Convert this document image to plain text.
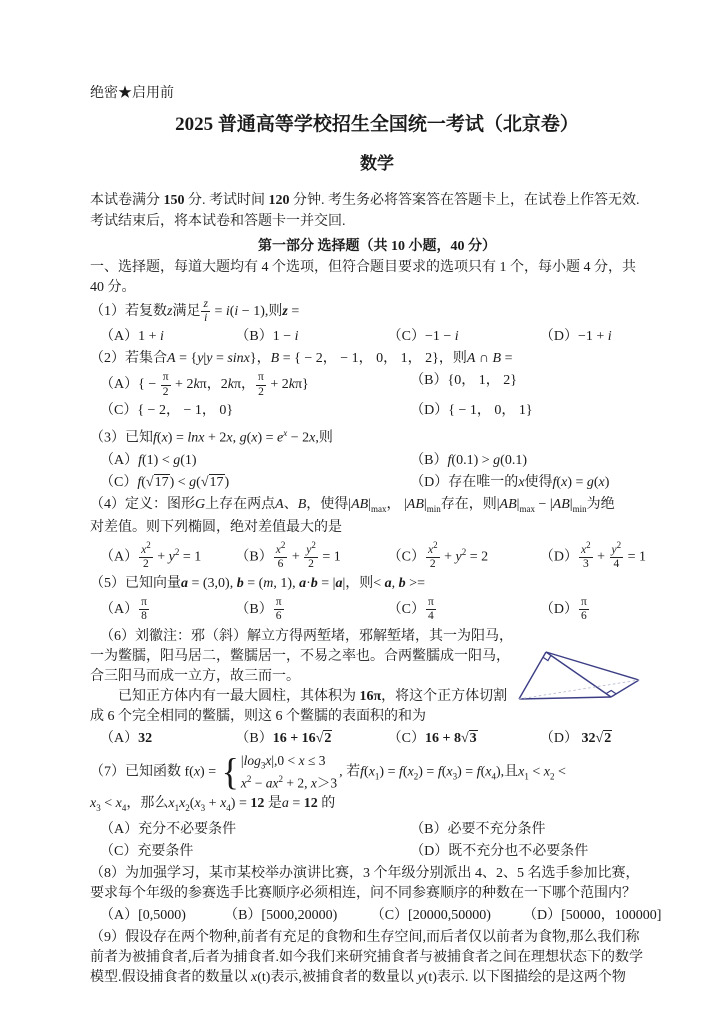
绝密★启用前
2025 普通高等学校招生全国统一考试（北京卷）
数学
本试卷满分 150 分. 考试时间 120 分钟. 考生务必将答案答在答题卡上，在试卷上作答无效.
考试结束后，将本试卷和答题卡一并交回.
第一部分 选择题（共 10 小题，40 分）
一、选择题，每道大题均有 4 个选项，但符合题目要求的选项只有 1 个，每小题 4 分，共
40 分。
（1）若复数z满足 $\frac{z}{i} = i(i - 1)$,则z =
（A）1 + i	（B）1 − i	（C）−1 − i	（D）−1 + i
（2）若集合A = {y|y = sinx}，B = { − 2， − 1， 0， 1， 2}，则A ∩ B =
$(A)\{ - \frac{\pi}{2} + 2k\pi$，2kπ， $\frac{\pi}{2} + 2k\pi$}	（B）{0， 1， 2}
（C）{ − 2， − 1， 0}	（D）{ − 1， 0， 1}
（3）已知f(x) = lnx + 2x, $g(x) = e^x - 2x$,则
（A）f(1) < g(1)	（B）f(0.1) > g(0.1)
（C）f(√17) < g(√17)	（D）存在唯一的x使得f(x) = g(x)
（4）定义：图形G上存在两点A、B，使得$|AB|_{max}$， $|AB|_{min}$存在，则$|AB|_{max} - |AB|_{min}$为绝
对差值。则下列椭圆，绝对差值最大的是
$(A) \frac{x^2}{2} + y^2 = 1$	$(B) \frac{x^2}{6} + \frac{y^2}{2} = 1$	$(C) \frac{x^2}{2} + y^2 = 2$	$(D) \frac{x^2}{3} + \frac{y^2}{4} = 1$
（5）已知向量a = (3,0), b = (m, 1), a·b = |a|，则< a, b >=
$(A) \frac{\pi}{8}$	$(B) \frac{\pi}{6}$	$(C) \frac{\pi}{4}$	$(D) \frac{\pi}{6}$
（6）刘徽注：邪（斜）解立方得两堑堵，邪解堑堵，其一为阳马，
一为鳖臑，阳马居二，鳖臑居一，不易之率也。合两鳖臑成一阳马，
合三阳马而成一立方，故三而一。
已知正方体内有一最大圆柱，其体积为 16π，将这个正方体切割
成 6 个完全相同的鳖臑，则这 6 个鳖臑的表面积的和为
（A）32	（B）16 + 16√2	（C）16 + 8√3	（D） 32√2
（7）已知函数 f(x) = { $|\log_3x|,0 < x \le 3$
$x^2 - ax^2 + 2$, x＞3
, 若$f(x_1) = f(x_2) = f(x_3) = f(x_4)$,且$x_1 < x_2$ <
$x_3 < x_4$，那么$x_1x_2(x_3 + x_4) = 12$ 是a = 12 的
（A）充分不必要条件	（B）必要不充分条件
（C）充要条件	（D）既不充分也不必要条件
（8）为加强学习，某市某校举办演讲比赛，3 个年级分别派出 4、2、5 名选手参加比赛，
要求每个年级的参赛选手比赛顺序必须相连，问不同参赛顺序的种数在一下哪个范围内？
（A）[0,5000)	（B）[5000,20000)	（C）[20000,50000)	（D）[50000，100000]
（9）假设存在两个物种,前者有充足的食物和生存空间,而后者仅以前者为食物,那么我们称
前者为被捕食者,后者为捕食者.如今我们来研究捕食者与被捕食者之间在理想状态下的数学
模型.假设捕食者的数量以 x(t)表示,被捕食者的数量以 y(t)表示. 以下图描绘的是这两个物
